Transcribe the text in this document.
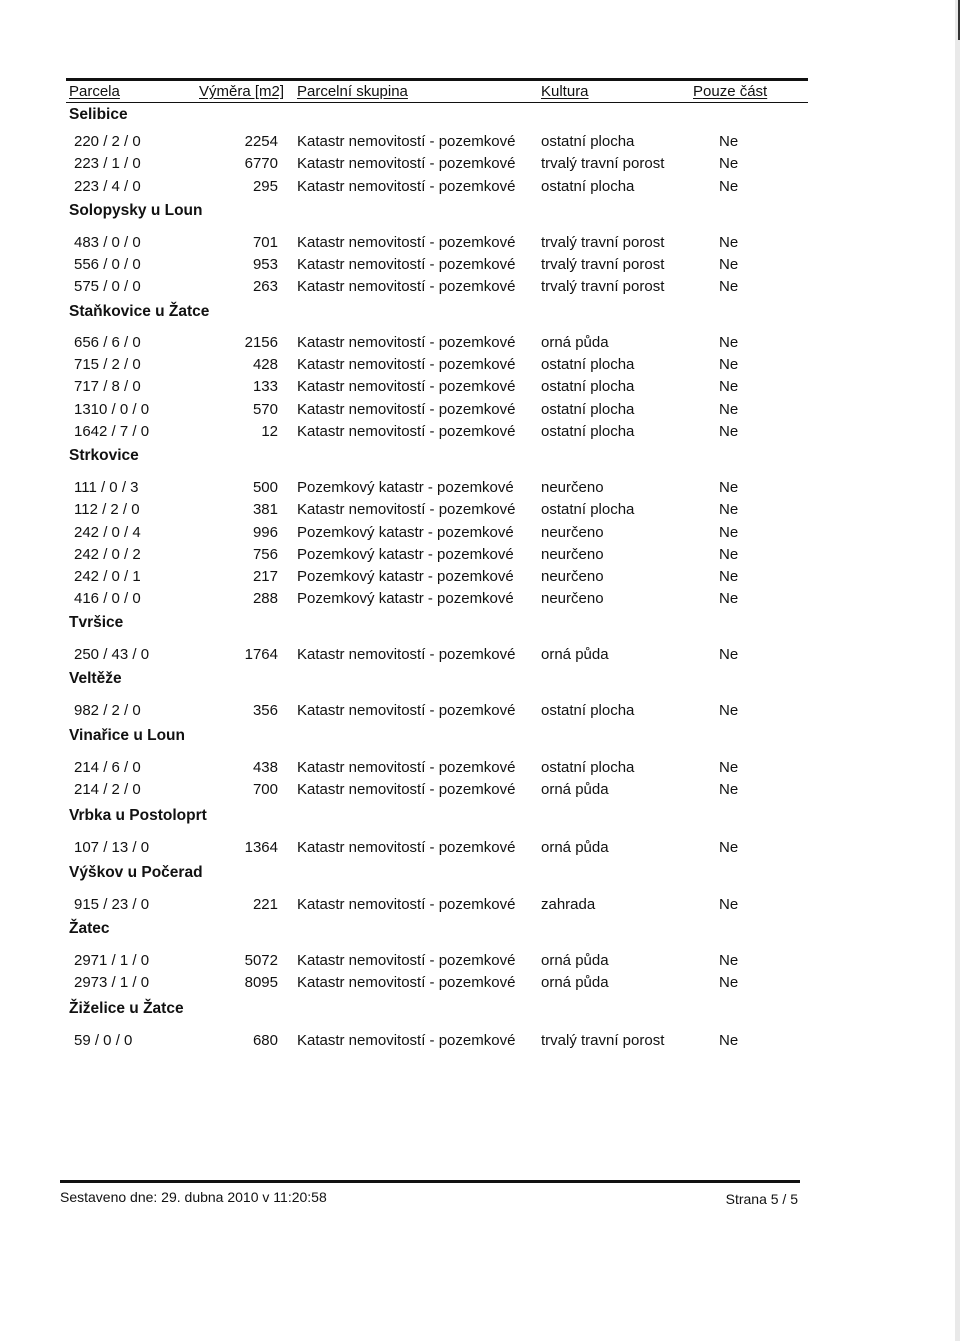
Parcela	Výměra [m2] Parcelní skupina	Kultura	Pouze část
Selibice
220 / 2 / 0	2254 Katastr nemovitostí - pozemkové ostatní plocha	Ne
223 / 1 / 0	6770 Katastr nemovitostí - pozemkové trvalý travní porost	Ne
223 / 4 / 0	295 Katastr nemovitostí - pozemkové ostatní plocha	Ne
Solopysky u Loun
483 / 0 / 0	701 Katastr nemovitostí - pozemkové trvalý travní porost	Ne
556 / 0 / 0	953 Katastr nemovitostí - pozemkové trvalý travní porost	Ne
575 / 0 / 0	263 Katastr nemovitostí - pozemkové trvalý travní porost	Ne
Staňkovice u Žatce
656 / 6 / 0	2156 Katastr nemovitostí - pozemkové orná půda	Ne
715 / 2 / 0	428 Katastr nemovitostí - pozemkové ostatní plocha	Ne
717 / 8 / 0	133 Katastr nemovitostí - pozemkové ostatní plocha	Ne
1310 / 0 / 0	570 Katastr nemovitostí - pozemkové ostatní plocha	Ne
1642 / 7 / 0	12 Katastr nemovitostí - pozemkové ostatní plocha	Ne
Strkovice
111 / 0 / 3	500 Pozemkový katastr - pozemkové neurčeno	Ne
112 / 2 / 0	381 Katastr nemovitostí - pozemkové ostatní plocha	Ne
242 / 0 / 4	996 Pozemkový katastr - pozemkové neurčeno	Ne
242 / 0 / 2	756 Pozemkový katastr - pozemkové neurčeno	Ne
242 / 0 / 1	217 Pozemkový katastr - pozemkové neurčeno	Ne
416 / 0 / 0	288 Pozemkový katastr - pozemkové neurčeno	Ne
Tvršice
250 / 43 / 0	1764 Katastr nemovitostí - pozemkové orná půda	Ne
Veltěže
982 / 2 / 0	356 Katastr nemovitostí - pozemkové ostatní plocha	Ne
Vinařice u Loun
214 / 6 / 0	438 Katastr nemovitostí - pozemkové ostatní plocha	Ne
214 / 2 / 0	700 Katastr nemovitostí - pozemkové orná půda	Ne
Vrbka u Postoloprt
107 / 13 / 0	1364 Katastr nemovitostí - pozemkové orná půda	Ne
Výškov u Počerad
915 / 23 / 0	221 Katastr nemovitostí - pozemkové zahrada	Ne
Žatec
2971 / 1 / 0	5072 Katastr nemovitostí - pozemkové orná půda	Ne
2973 / 1 / 0	8095 Katastr nemovitostí - pozemkové orná půda	Ne
Žiželice u Žatce
59 / 0 / 0	680 Katastr nemovitostí - pozemkové trvalý travní porost	Ne
Sestaveno dne: 29. dubna 2010 v 11:20:58	Strana 5 / 5
